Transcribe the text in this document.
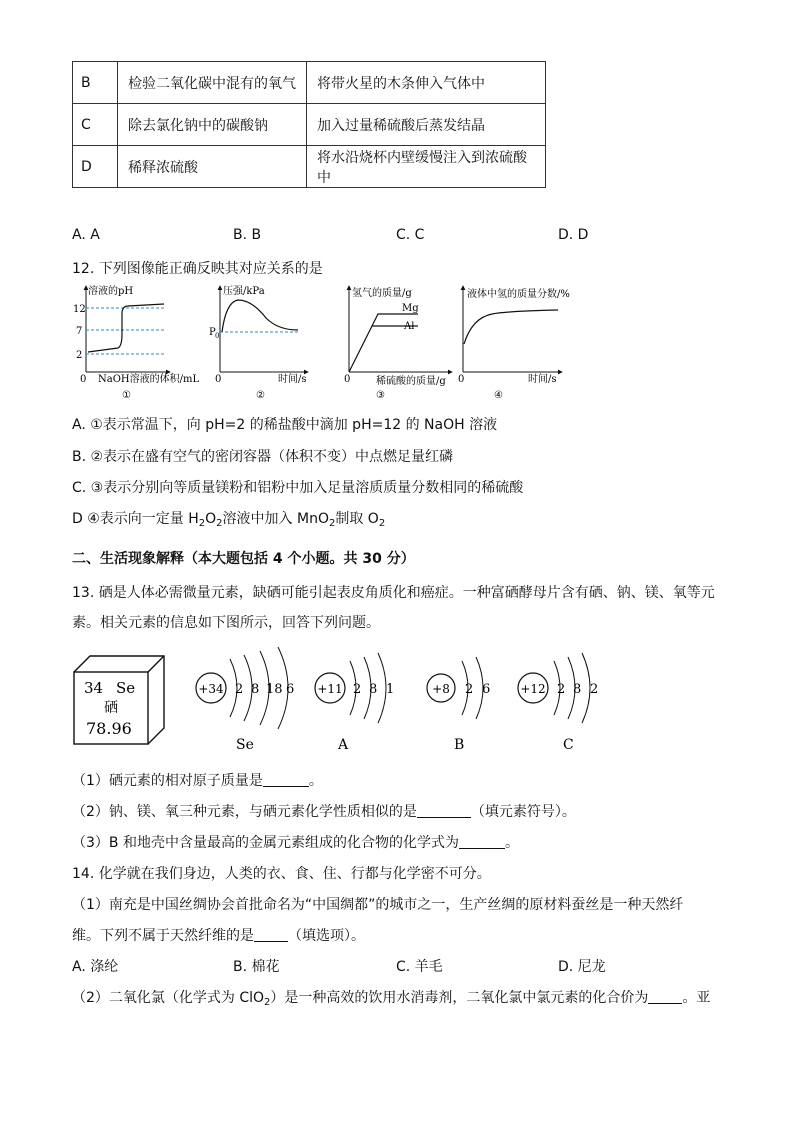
B	检验二氧化碳中混有的氧气	将带火星的木条伸入气体中
C	除去氯化钠中的碳酸钠	加入过量稀硫酸后蒸发结晶
D	稀释浓硫酸	将水沿烧杯内壁缓慢注入到浓硫酸中
A. A	B. B	C. C	D. D
12. 下列图像能正确反映其对应关系的是
溶液的pH
12
7
2
0 NaOH溶液的体积/mL
①
压强/kPa
P 0
0	时间/s
②
氢气的质量/g
Mg
Al
0	稀硫酸的质量/g
③
液体中氢的质量分数/%
0	时间/s
④
A. ①表示常温下，向 pH=2 的稀盐酸中滴加 pH=12 的 NaOH 溶液
B. ②表示在盛有空气的密闭容器（体积不变）中点燃足量红磷
C. ③表示分别向等质量镁粉和铝粉中加入足量溶质质量分数相同的稀硫酸
D ④表示向一定量 $H_2O_2$溶液中加入 MnO$_2$制取 $O_2$
二、生活现象解释（本大题包括 4 个小题。共 30 分）
13. 硒是人体必需微量元素，缺硒可能引起表皮角质化和癌症。一种富硒酵母片含有硒、钠、镁、氧等元
素。相关元素的信息如下图所示，回答下列问题。
34 Se
硒
78.96
+34 2 8 18 6
Se
+11 2 8 1
A
+8 2 6
B
+12 2 8 2
C
（1）硒元素的相对原子质量是	。
（2）钠、镁、氧三种元素，与硒元素化学性质相似的是	（填元素符号）。
（3）B 和地壳中含量最高的金属元素组成的化合物的化学式为	。
14. 化学就在我们身边，人类的衣、食、住、行都与化学密不可分。
（1）南充是中国丝绸协会首批命名为“中国绸都”的城市之一，生产丝绸的原材料蚕丝是一种天然纤
维。下列不属于天然纤维的是 （填选项）。
A. 涤纶	B. 棉花	C. 羊毛	D. 尼龙
（2）二氧化氯（化学式为 ClO$_2$）是一种高效的饮用水消毒剂，二氧化氯中氯元素的化合价为 。亚
